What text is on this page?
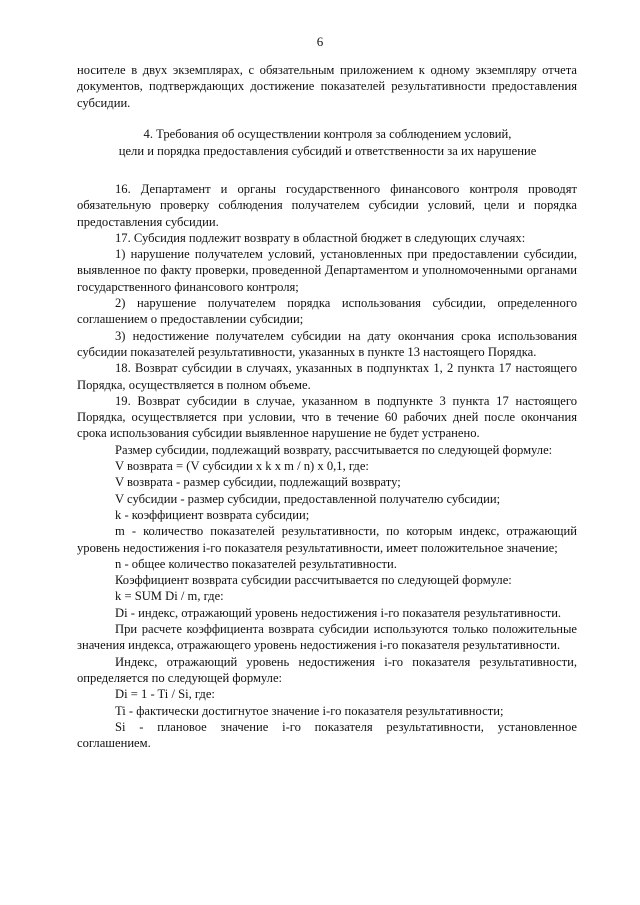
6

носителе в двух экземплярах, с обязательным приложением к одному экземпляру отчета документов, подтверждающих достижение показателей результативности предоставления субсидии.

4. Требования об осуществлении контроля за соблюдением условий,
цели и порядка предоставления субсидий и ответственности за их нарушение

16. Департамент и органы государственного финансового контроля проводят обязательную проверку соблюдения получателем субсидии условий, цели и порядка предоставления субсидии.

17. Субсидия подлежит возврату в областной бюджет в следующих случаях:

1) нарушение получателем условий, установленных при предоставлении субсидии, выявленное по факту проверки, проведенной Департаментом и уполномоченными органами государственного финансового контроля;

2) нарушение получателем порядка использования субсидии, определенного соглашением о предоставлении субсидии;

3) недостижение получателем субсидии на дату окончания срока использования субсидии показателей результативности, указанных в пункте 13 настоящего Порядка.

18. Возврат субсидии в случаях, указанных в подпунктах 1, 2 пункта 17 настоящего Порядка, осуществляется в полном объеме.

19. Возврат субсидии в случае, указанном в подпункте 3 пункта 17 настоящего Порядка, осуществляется при условии, что в течение 60 рабочих дней после окончания срока использования субсидии выявленное нарушение не будет устранено.

Размер субсидии, подлежащий возврату, рассчитывается по следующей формуле:

V возврата = (V субсидии x k x m / n) x 0,1, где:

V возврата - размер субсидии, подлежащий возврату;

V субсидии - размер субсидии, предоставленной получателю субсидии;

k - коэффициент возврата субсидии;

m - количество показателей результативности, по которым индекс, отражающий уровень недостижения i-го показателя результативности, имеет положительное значение;

n - общее количество показателей результативности.

Коэффициент возврата субсидии рассчитывается по следующей формуле:

k = SUM Di / m, где:

Di - индекс, отражающий уровень недостижения i-го показателя результативности.

При расчете коэффициента возврата субсидии используются только положительные значения индекса, отражающего уровень недостижения i-го показателя результативности.

Индекс, отражающий уровень недостижения i-го показателя результативности, определяется по следующей формуле:

Di = 1 - Ti / Si, где:

Ti - фактически достигнутое значение i-го показателя результативности;

Si - плановое значение i-го показателя результативности, установленное соглашением.
